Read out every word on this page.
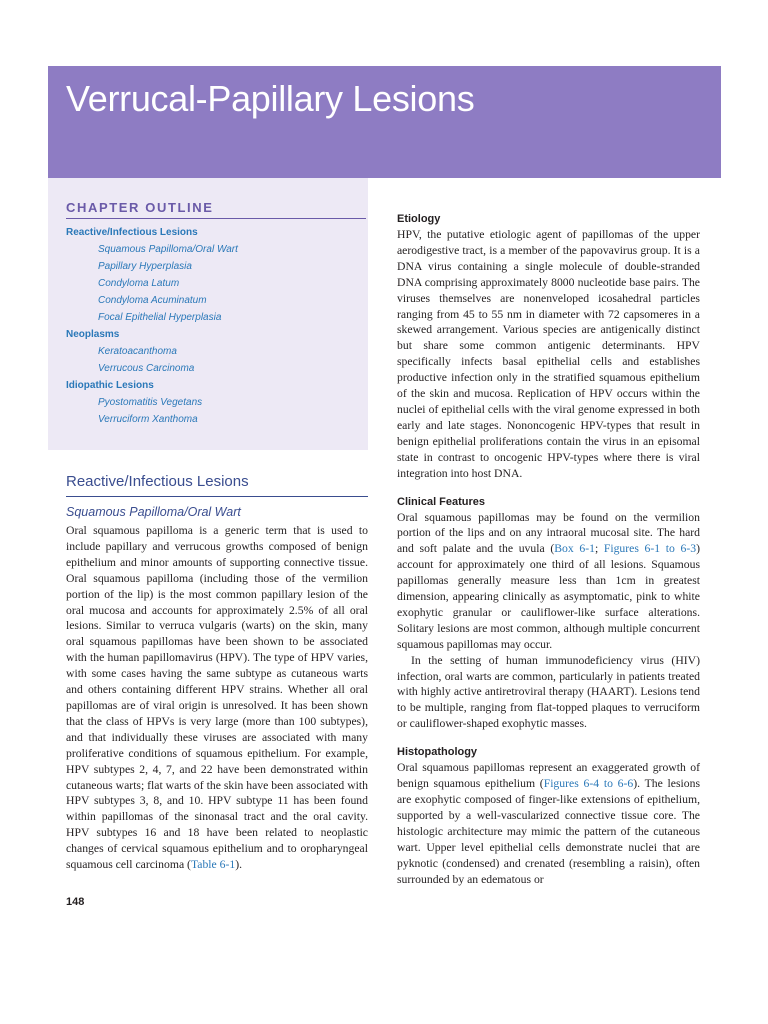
Verrucal-Papillary Lesions
CHAPTER OUTLINE
Reactive/Infectious Lesions
Squamous Papilloma/Oral Wart
Papillary Hyperplasia
Condyloma Latum
Condyloma Acuminatum
Focal Epithelial Hyperplasia
Neoplasms
Keratoacanthoma
Verrucous Carcinoma
Idiopathic Lesions
Pyostomatitis Vegetans
Verruciform Xanthoma
Reactive/Infectious Lesions
Squamous Papilloma/Oral Wart

Oral squamous papilloma is a generic term that is used to include papillary and verrucous growths composed of benign epithelium and minor amounts of supporting connective tissue. Oral squamous papilloma (including those of the vermilion portion of the lip) is the most common papillary lesion of the oral mucosa and accounts for approximately 2.5% of all oral lesions. Similar to verruca vulgaris (warts) on the skin, many oral squamous papillomas have been shown to be associated with the human papillomavirus (HPV). The type of HPV varies, with some cases having the same subtype as cutaneous warts and others containing different HPV strains. Whether all oral papillomas are of viral origin is unresolved. It has been shown that the class of HPVs is very large (more than 100 subtypes), and that individually these viruses are associated with many proliferative conditions of squamous epithelium. For example, HPV subtypes 2, 4, 7, and 22 have been demonstrated within cutaneous warts; flat warts of the skin have been associated with HPV subtypes 3, 8, and 10. HPV subtype 11 has been found within papillomas of the sinonasal tract and the oral cavity. HPV subtypes 16 and 18 have been related to neoplastic changes of cervical squamous epithelium and to oropharyngeal squamous cell carcinoma (Table 6-1).

Etiology

HPV, the putative etiologic agent of papillomas of the upper aerodigestive tract, is a member of the papovavirus group. It is a DNA virus containing a single molecule of double-stranded DNA comprising approximately 8000 nucleotide base pairs. The viruses themselves are nonenveloped icosahedral particles ranging from 45 to 55 nm in diameter with 72 capsomeres in a skewed arrangement. Various species are antigenically distinct but share some common antigenic determinants. HPV specifically infects basal epithelial cells and establishes productive infection only in the stratified squamous epithelium of the skin and mucosa. Replication of HPV occurs within the nuclei of epithelial cells with the viral genome expressed in both early and late stages. Nononcogenic HPV-types that result in benign epithelial proliferations contain the virus in an episomal state in contrast to oncogenic HPV-types where there is viral integration into host DNA.

Clinical Features

Oral squamous papillomas may be found on the vermilion portion of the lips and on any intraoral mucosal site. The hard and soft palate and the uvula (Box 6-1; Figures 6-1 to 6-3) account for approximately one third of all lesions. Squamous papillomas generally measure less than 1cm in greatest dimension, appearing clinically as asymptomatic, pink to white exophytic granular or cauliflower-like surface alterations. Solitary lesions are most common, although multiple concurrent squamous papillomas may occur.

In the setting of human immunodeficiency virus (HIV) infection, oral warts are common, particularly in patients treated with highly active antiretroviral therapy (HAART). Lesions tend to be multiple, ranging from flat-topped plaques to verruciform or cauliflower-shaped exophytic masses.

Histopathology

Oral squamous papillomas represent an exaggerated growth of benign squamous epithelium (Figures 6-4 to 6-6). The lesions are exophytic composed of finger-like extensions of epithelium, supported by a well-vascularized connective tissue core. The histologic architecture may mimic the pattern of the cutaneous wart. Upper level epithelial cells demonstrate nuclei that are pyknotic (condensed) and crenated (resembling a raisin), often surrounded by an edematous or

148
